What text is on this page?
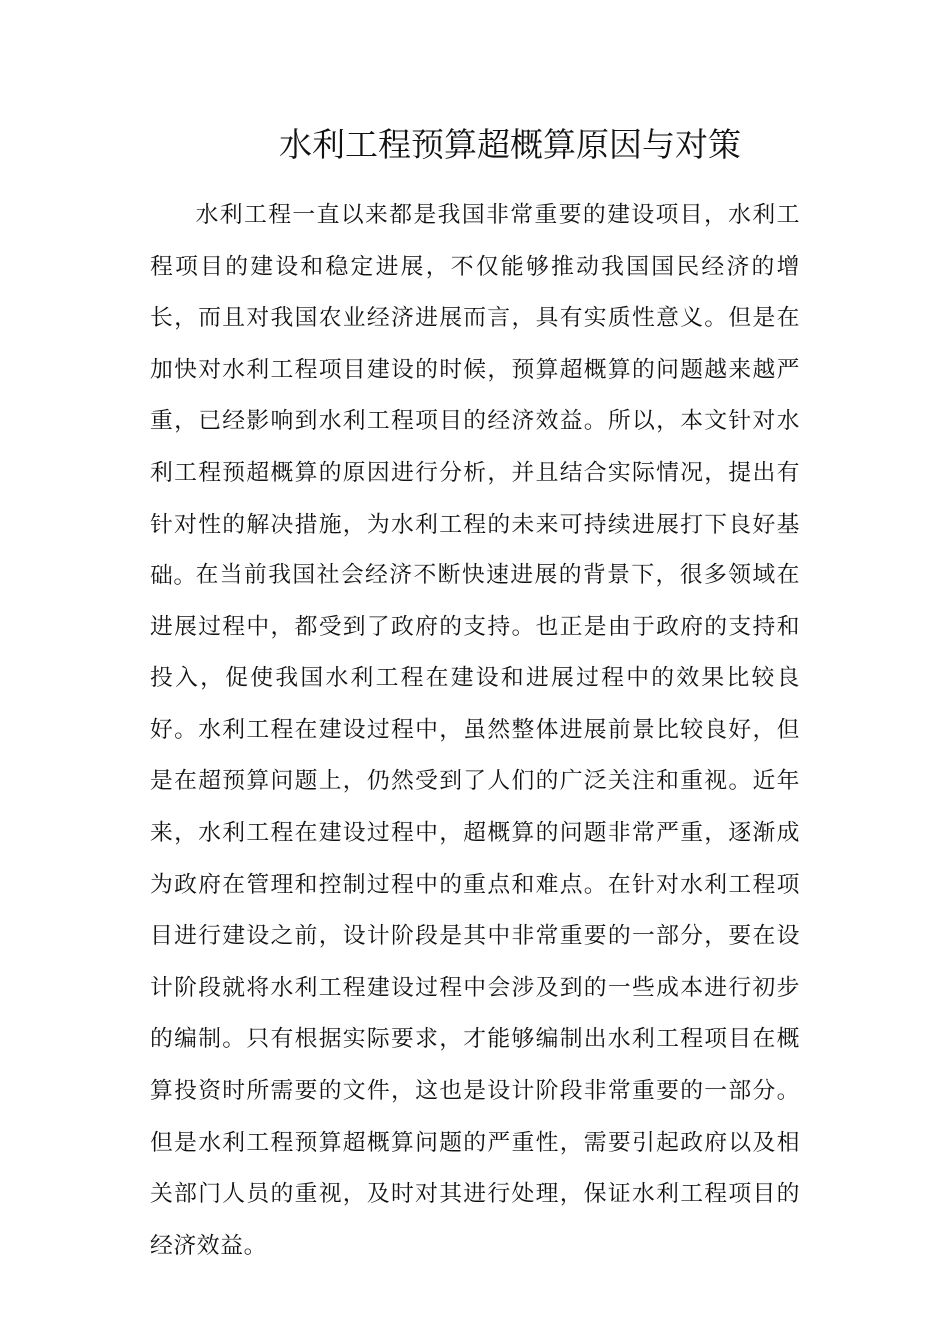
水利工程预算超概算原因与对策

水利工程一直以来都是我国非常重要的建设项目，水利工程项目的建设和稳定进展，不仅能够推动我国国民经济的增长，而且对我国农业经济进展而言，具有实质性意义。但是在加快对水利工程项目建设的时候，预算超概算的问题越来越严重，已经影响到水利工程项目的经济效益。所以，本文针对水利工程预超概算的原因进行分析，并且结合实际情况，提出有针对性的解决措施，为水利工程的未来可持续进展打下良好基础。

在当前我国社会经济不断快速进展的背景下，很多领域在进展过程中，都受到了政府的支持。也正是由于政府的支持和投入，促使我国水利工程在建设和进展过程中的效果比较良好。水利工程在建设过程中，虽然整体进展前景比较良好，但是在超预算问题上，仍然受到了人们的广泛关注和重视。近年来，水利工程在建设过程中，超概算的问题非常严重，逐渐成为政府在管理和控制过程中的重点和难点。在针对水利工程项目进行建设之前，设计阶段是其中非常重要的一部分，要在设计阶段就将水利工程建设过程中会涉及到的一些成本进行初步的编制。只有根据实际要求，才能够编制出水利工程项目在概算投资时所需要的文件，这也是设计阶段非常重要的一部分。但是水利工程预算超概算问题的严重性，需要引起政府以及相关部门人员的重视，及时对其进行处理，保证水利工程项目的经济效益。
